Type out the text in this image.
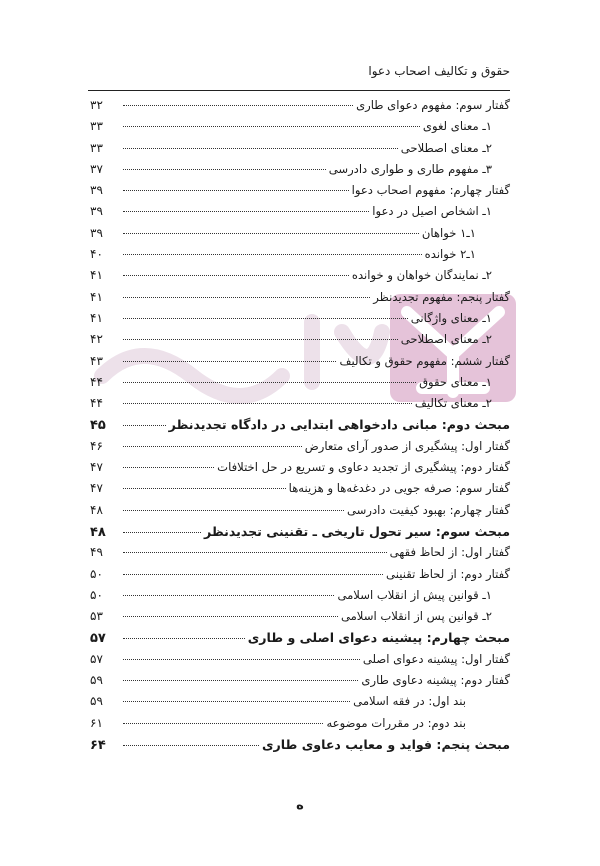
حقوق و تکالیف اصحاب دعوا
گفتار سوم: مفهوم دعوای طاری
۳۲
۱ـ معنای لغوی
۳۳
۲ـ معنای اصطلاحی
۳۳
۳ـ مفهوم طاری و طواری دادرسی
۳۷
گفتار چهارم: مفهوم اصحاب دعوا
۳۹
۱ـ اشخاص اصیل در دعوا
۳۹
۱ـ۱ خواهان
۳۹
۱ـ۲ خوانده
۴۰
۲ـ نمایندگان خواهان و خوانده
۴۱
گفتار پنجم: مفهوم تجدیدنظر
۴۱
۱ـ معنای واژگانی
۴۱
۲ـ معنای اصطلاحی
۴۲
گفتار ششم: مفهوم حقوق و تکالیف
۴۳
۱ـ معنای حقوق
۴۴
۲ـ معنای تکالیف
۴۴
مبحث دوم: مبانی دادخواهی ابتدایی در دادگاه تجدیدنظر
۴۵
گفتار اول: پیشگیری از صدور آرای متعارض
۴۶
گفتار دوم: پیشگیری از تجدید دعاوی و تسریع در حل اختلافات
۴۷
گفتار سوم: صرفه جویی در دغدغه‌ها و هزینه‌ها
۴۷
گفتار چهارم: بهبود کیفیت دادرسی
۴۸
مبحث سوم: سیر تحول تاریخی ـ تقنینی تجدیدنظر
۴۸
گفتار اول: از لحاظ فقهی
۴۹
گفتار دوم: از لحاظ تقنینی
۵۰
۱ـ قوانین پیش از انقلاب اسلامی
۵۰
۲ـ قوانین پس از انقلاب اسلامی
۵۳
مبحث چهارم: پیشینه دعوای اصلی و طاری
۵۷
گفتار اول: پیشینه دعوای اصلی
۵۷
گفتار دوم: پیشینه دعاوی طاری
۵۹
بند اول: در فقه اسلامی
۵۹
بند دوم: در مقررات موضوعه
۶۱
مبحث پنجم: فواید و معایب دعاوی طاری
۶۴
ه
